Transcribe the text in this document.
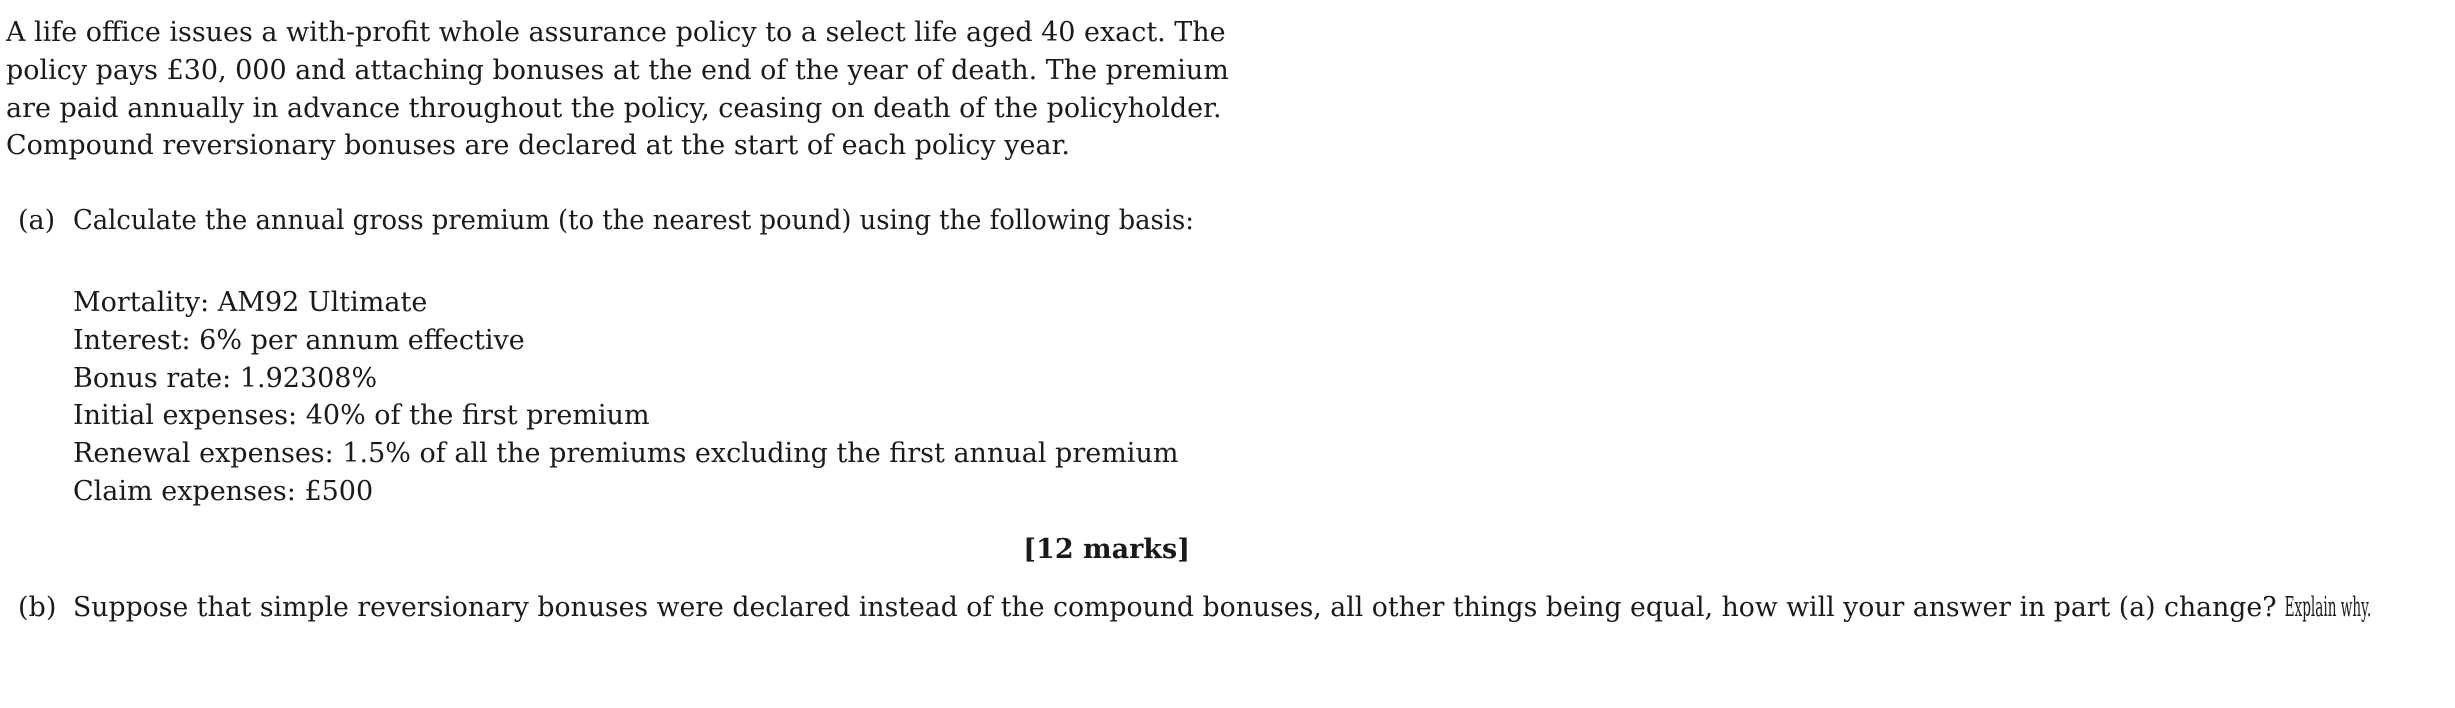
A life office issues a with-profit whole assurance policy to a select life aged 40 exact. The policy pays £30, 000 and attaching bonuses at the end of the year of death. The premium are paid annually in advance throughout the policy, ceasing on death of the policyholder. Compound reversionary bonuses are declared at the start of each policy year.
(a) Calculate the annual gross premium (to the nearest pound) using the following basis:
Mortality: AM92 Ultimate
Interest: 6% per annum effective
Bonus rate: 1.92308%
Initial expenses: 40% of the first premium
Renewal expenses: 1.5% of all the premiums excluding the first annual premium
Claim expenses: £500
[12 marks]
(b) Suppose that simple reversionary bonuses were declared instead of the compound bonuses, all other things being equal, how will your answer in part (a) change? Explain why.
